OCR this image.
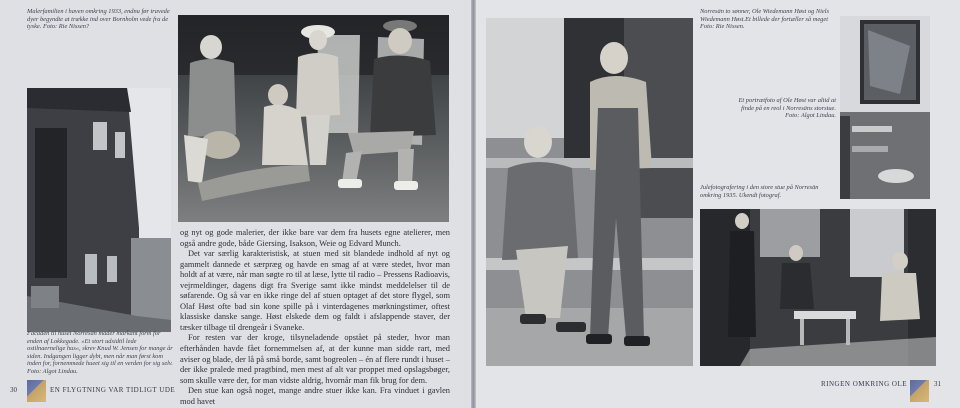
Malerfamilien i haven omkring 1933, endnu før travede dyer begyndte at trække ind over Bornholm vede fra de tyske. Foto: Rie Nissen?
Facaden til huset Norresän mader markant form for enden af Lokkegade. »Et stort udsidtil lede ostilnaernelige hus«, skrev Knud W. Jensen for mange år siden. Indgangen ligger dybt, men når man først kom inden for, fornemmede hueet sig til en verden for sig selv. Foto: Algot Lindau.

og nyt og gode malerier, der ikke bare var dem fra husets egne atelierer, men også andre gode, både Giersing, Isakson, Weie og Edvard Munch.

Det var særlig karakteristisk, at stuen med sit blandede indhold af nyt og gammelt dannede et særpræg og havde en smag af at være stedet, hvor man holdt af at være, når man søgte ro til at læse, lytte til radio – Pressens Radioavis, vejrmeldinger, dagens digt fra Sverige samt ikke mindst meddelelser til de søfarende. Og så var en ikke ringe del af stuen optaget af det store flygel, som Olaf Høst ofte bad sin kone spille på i vinterdagenes mørkningstimer, oftest klassiske danske sange. Høst elskede dem og faldt i afslappende staver, der tæsker tilbage til drengeår i Svaneke.

For resten var der kroge, tilsyneladende opstået på steder, hvor man efterhånden havde fået fornemmelsen af, at der kunne man sidde rart, med aviser og blade, der lå på små borde, samt bogreolen – én af flere rundt i huset – der ikke pralede med pragtbind, men mest af alt var proppet med opslagsbøger, som skulle være der, for man vidste aldrig, hvornår man fik brug for dem.

Den stue kan også noget, mange andre stuer ikke kan. Fra vinduet i gavlen mod havet

30	EN FLYGTNING VAR TIDLIGT UDE
Norresän to sønner, Ole Wiedemann Høst og Niels Wiedemann Høst.Et billede der fortæller så meget Foto: Rie Nissen.
Et portrætfoto af Ole Høst var altid at finde på en reol i Norresäns storstue. Foto: Algot Lindau.
Julefotografering i den store stue på Norresän omkring 1935. Ukendt fotograf.
RINGEN OMKRING OLE	31
